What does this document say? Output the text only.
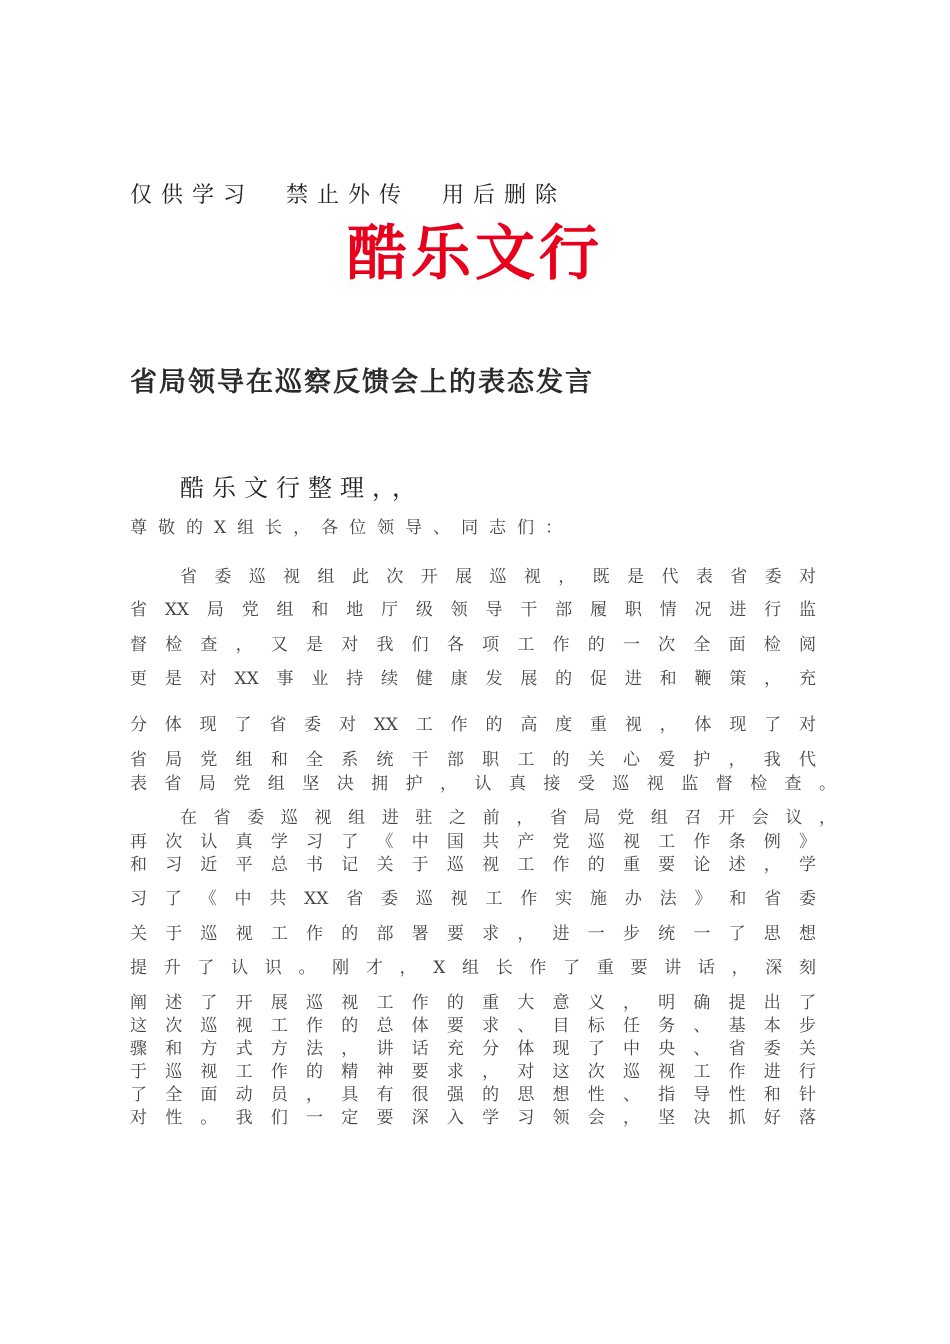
仅供学习  禁止外传  用后删除
酷乐文行
省局领导在巡察反馈会上的表态发言
酷乐文行整理，，
尊敬的X组长，各位领导、同志们：
省委巡视组此次开展巡视，既是代表省委对
省XX局党组和地厅级领导干部履职情况进行监
督检查，又是对我们各项工作的一次全面检阅
更是对XX事业持续健康发展的促进和鞭策，充
分体现了省委对XX工作的高度重视，体现了对
省局党组和全系统干部职工的关心爱护，我代
表省局党组坚决拥护，认真接受巡视监督检查。
在省委巡视组进驻之前，省局党组召开会议，
再次认真学习了《中国共产党巡视工作条例》
和习近平总书记关于巡视工作的重要论述，学
习了《中共XX省委巡视工作实施办法》和省委
关于巡视工作的部署要求，进一步统一了思想
提升了认识。刚才，X组长作了重要讲话，深刻
阐述了开展巡视工作的重大意义，明确提出了
这次巡视工作的总体要求、目标任务、基本步
骤和方式方法，讲话充分体现了中央、省委关
于巡视工作的精神要求，对这次巡视工作进行
了全面动员，具有很强的思想性、指导性和针
对性。我们一定要深入学习领会，坚决抓好落
